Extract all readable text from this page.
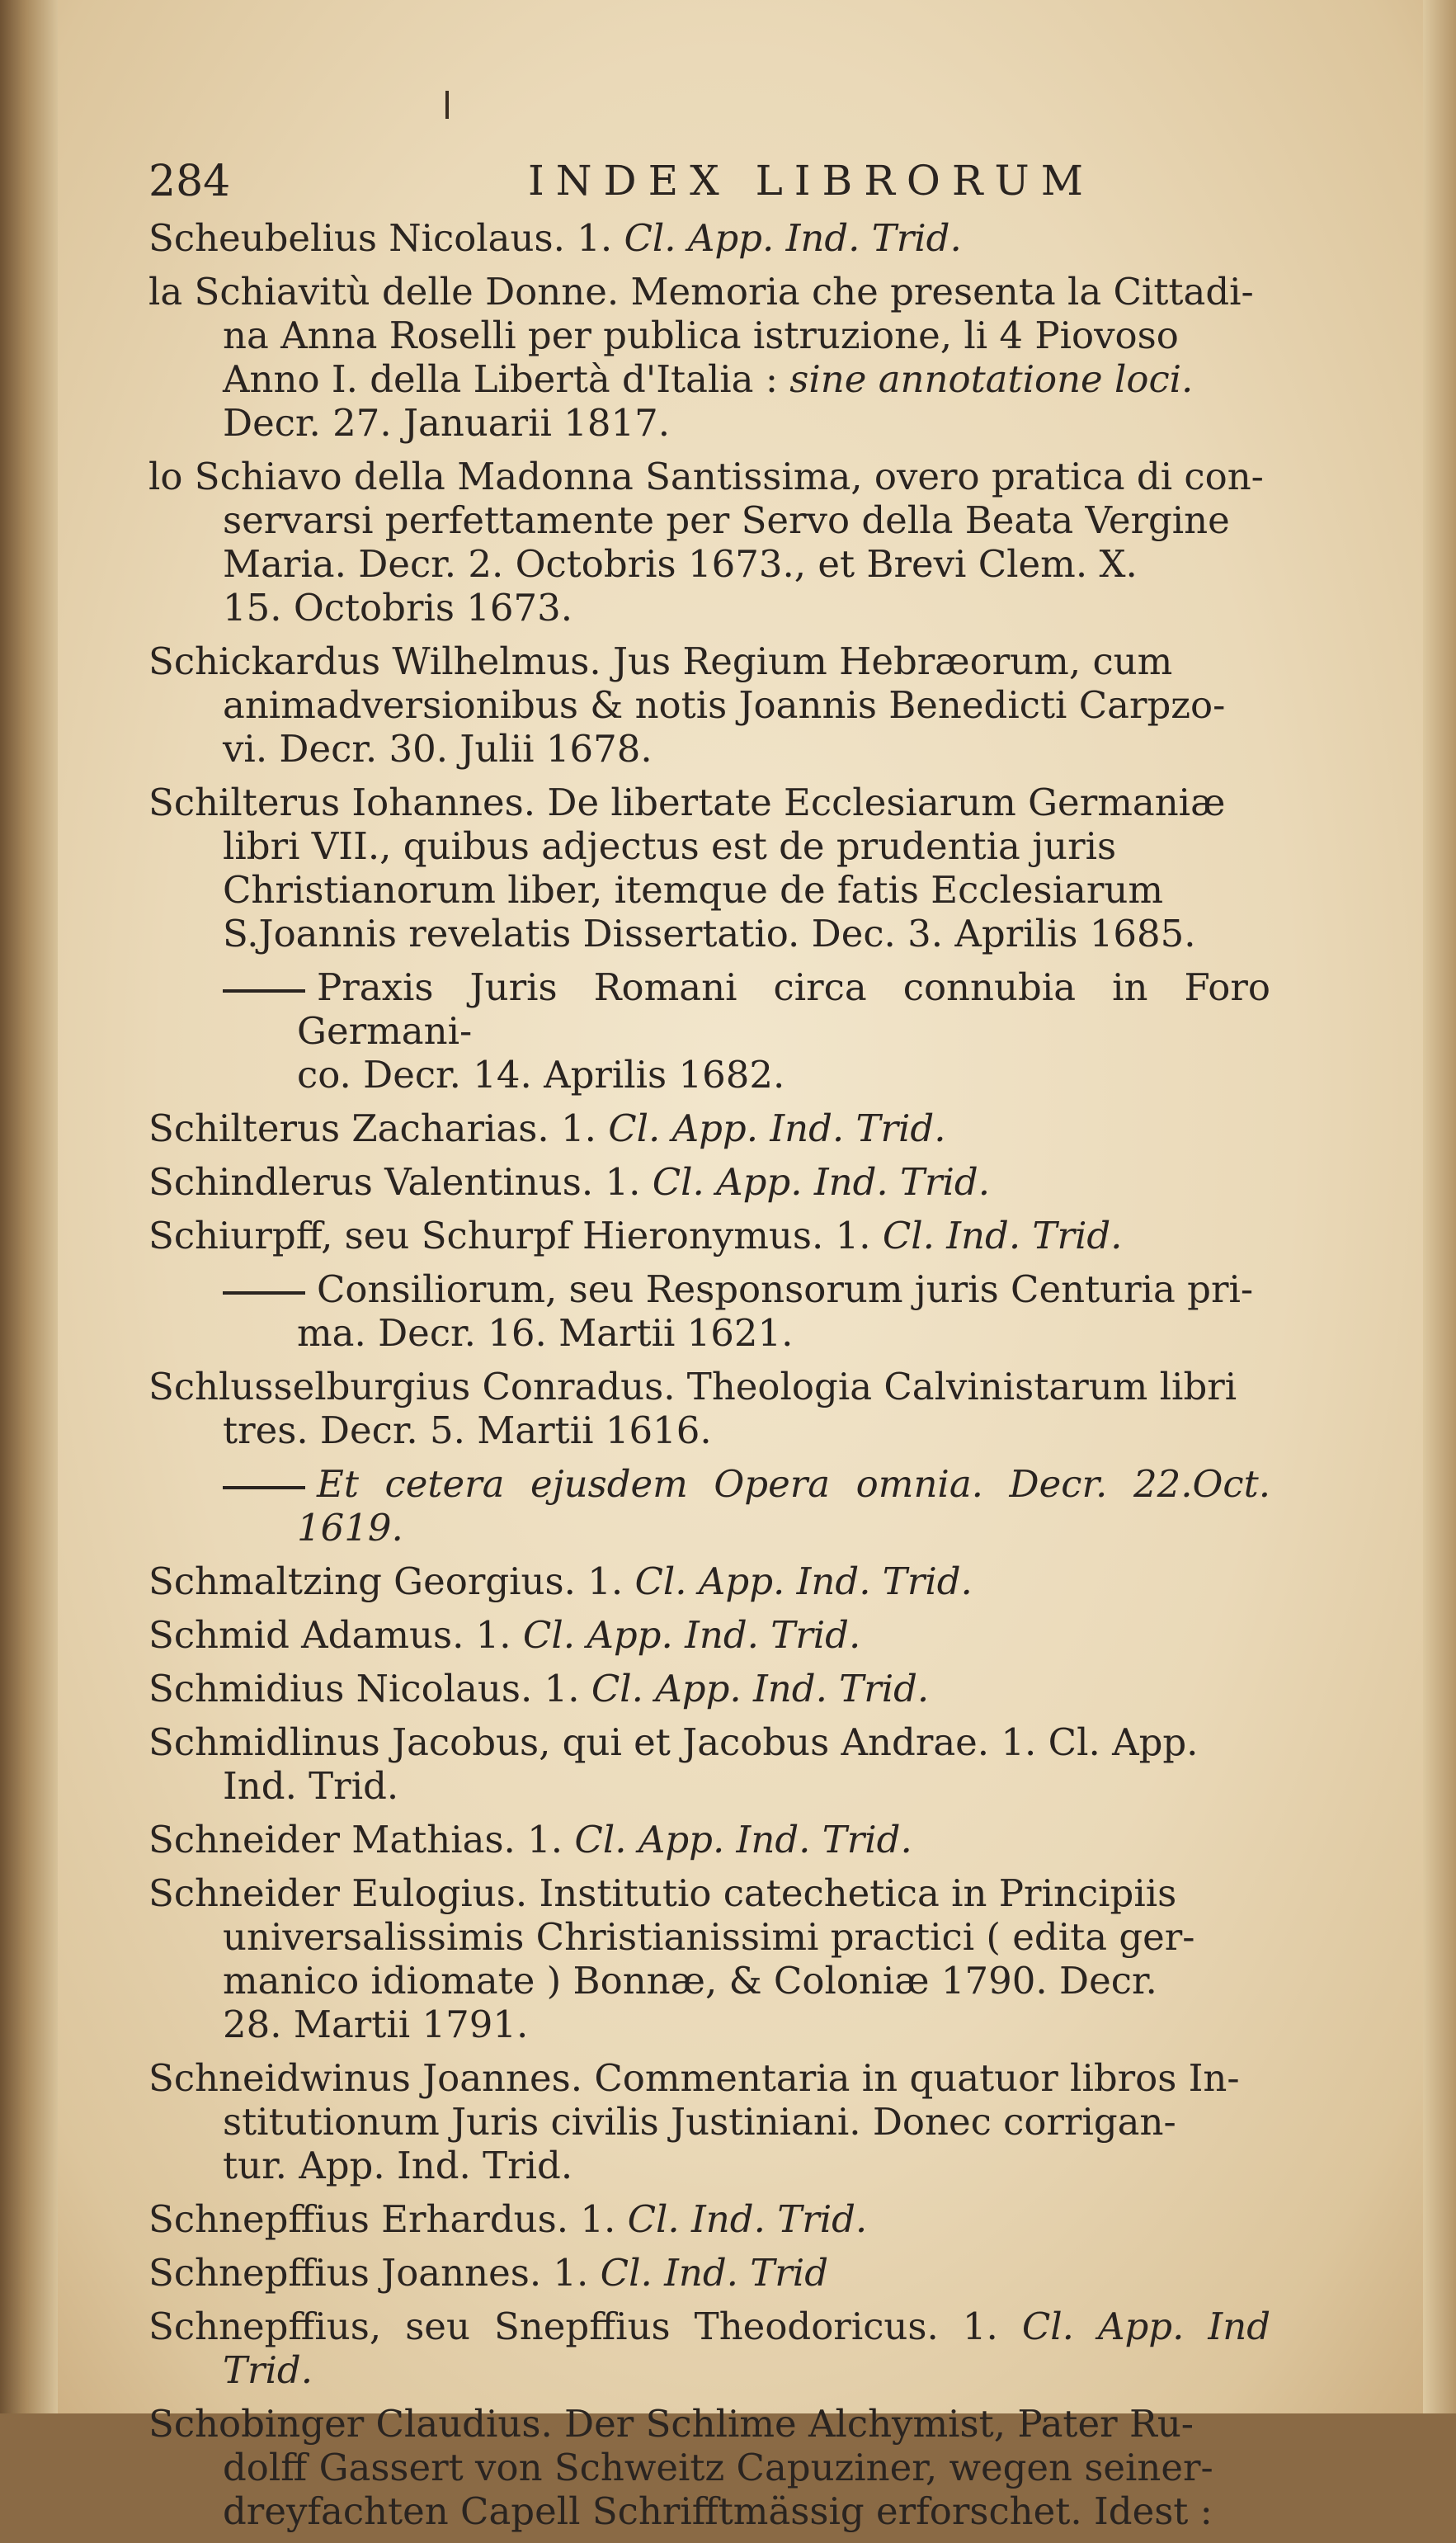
284	INDEX LIBRORUM
Scheubelius Nicolaus. 1. Cl. App. Ind. Trid.
la Schiavitù delle Donne. Memoria che presenta la Cittadi-
na Anna Roselli per publica istruzione, li 4 Piovoso
Anno I. della Libertà d'Italia : sine annotatione loci.
Decr. 27. Januarii 1817.
lo Schiavo della Madonna Santissima, overo pratica di con-
servarsi perfettamente per Servo della Beata Vergine
Maria. Decr. 2. Octobris 1673., et Brevi Clem. X.
15. Octobris 1673.
Schickardus Wilhelmus. Jus Regium Hebræorum, cum
animadversionibus & notis Joannis Benedicti Carpzo-
vi. Decr. 30. Julii 1678.
Schilterus Iohannes. De libertate Ecclesiarum Germaniæ
libri VII., quibus adjectus est de prudentia juris
Christianorum liber, itemque de fatis Ecclesiarum
S.Joannis revelatis Dissertatio. Dec. 3. Aprilis 1685.
Praxis Juris Romani circa connubia in Foro Germani-
co. Decr. 14. Aprilis 1682.
Schilterus Zacharias. 1. Cl. App. Ind. Trid.
Schindlerus Valentinus. 1. Cl. App. Ind. Trid.
Schiurpff, seu Schurpf Hieronymus. 1. Cl. Ind. Trid.
Consiliorum, seu Responsorum juris Centuria pri-
ma. Decr. 16. Martii 1621.
Schlusselburgius Conradus. Theologia Calvinistarum libri
tres. Decr. 5. Martii 1616.
Et cetera ejusdem Opera omnia. Decr. 22.Oct. 1619.
Schmaltzing Georgius. 1. Cl. App. Ind. Trid.
Schmid Adamus. 1. Cl. App. Ind. Trid.
Schmidius Nicolaus. 1. Cl. App. Ind. Trid.
Schmidlinus Jacobus, qui et Jacobus Andrae. 1. Cl. App.
Ind. Trid.
Schneider Mathias. 1. Cl. App. Ind. Trid.
Schneider Eulogius. Institutio catechetica in Principiis
universalissimis Christianissimi practici ( edita ger-
manico idiomate ) Bonnæ, & Coloniæ 1790. Decr.
28. Martii 1791.
Schneidwinus Joannes. Commentaria in quatuor libros In-
stitutionum Juris civilis Justiniani. Donec corrigan-
tur. App. Ind. Trid.
Schnepffius Erhardus. 1. Cl. Ind. Trid.
Schnepffius Joannes. 1. Cl. Ind. Trid
Schnepffius, seu Snepffius Theodoricus. 1. Cl. App. Ind Trid.
Schobinger Claudius. Der Schlime Alchymist, Pater Ru-
dolff Gassert von Schweitz Capuziner, wegen seiner-
dreyfachten Capell Schrifftmässig erforschet. Idest :
